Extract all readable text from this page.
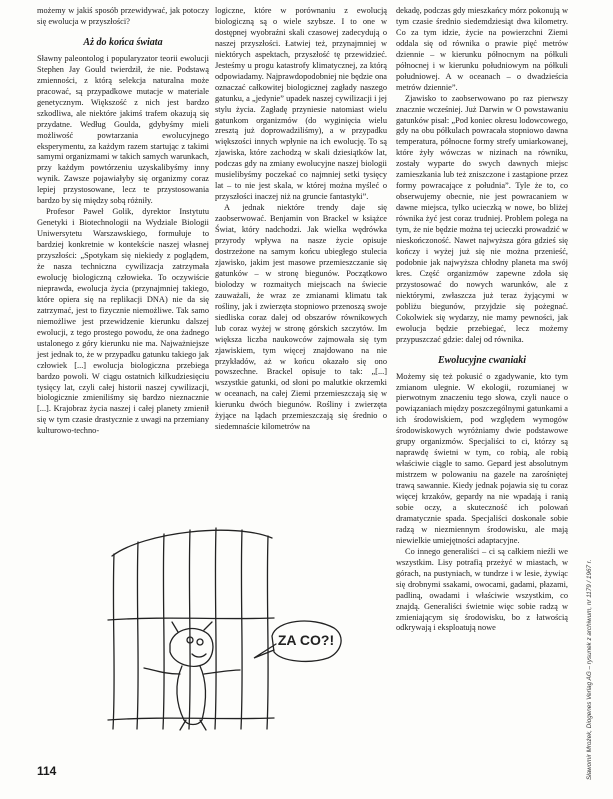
możemy w jakiś sposób przewidywać, jak potoczy się ewolucja w przyszłości?

Aż do końca świata

Sławny paleontolog i popularyzator teorii ewolucji Stephen Jay Gould twierdził, że nie. Podstawą zmienności, z którą selekcja naturalna może pracować, są przypadkowe mutacje w materiale genetycznym. Większość z nich jest bardzo szkodliwa, ale niektóre jakimś trafem okazują się przydatne. Według Goulda, gdybyśmy mieli możliwość powtarzania ewolucyjnego eksperymentu, za każdym razem startując z takimi samymi organizmami w takich samych warunkach, przy każdym powtórzeniu uzyskalibyśmy inny wynik. Zawsze pojawiałyby się organizmy coraz lepiej przystosowane, lecz te przystosowania bardzo by się między sobą różniły.

Profesor Paweł Golik, dyrektor Instytutu Genetyki i Biotechnologii na Wydziale Biologii Uniwersytetu Warszawskiego, formułuje to bardziej konkretnie w kontekście naszej własnej przyszłości: „Spotykam się niekiedy z poglądem, że nasza techniczna cywilizacja zatrzymała ewolucję biologiczną człowieka. To oczywiście nieprawda, ewolucja życia (przynajmniej takiego, które opiera się na replikacji DNA) nie da się zatrzymać, jest to fizycznie niemożliwe. Tak samo niemożliwe jest przewidzenie kierunku dalszej ewolucji, z tego prostego powodu, że ona żadnego ustalonego z góry kierunku nie ma. Najważniejsze jest jednak to, że w przypadku gatunku takiego jak człowiek [...] ewolucja biologiczna przebiega bardzo powoli. W ciągu ostatnich kilkudziesięciu tysięcy lat, czyli całej historii naszej cywilizacji, biologicznie zmieniliśmy się bardzo nieznacznie [...]. Krajobraz życia naszej i całej planety zmienił się w tym czasie drastycznie z uwagi na przemiany kulturowo-techno-

logiczne, które w porównaniu z ewolucją biologiczną są o wiele szybsze. I to one w dostępnej wyobraźni skali czasowej zadecydują o naszej przyszłości. Łatwiej też, przynajmniej w niektórych aspektach, przyszłość tę przewidzieć. Jesteśmy u progu katastrofy klimatycznej, za którą odpowiadamy. Najprawdopodobniej nie będzie ona oznaczać całkowitej biologicznej zagłady naszego gatunku, a „jedynie” upadek naszej cywilizacji i jej stylu życia. Zagładę przyniesie natomiast wielu gatunkom organizmów (do wyginięcia wielu zresztą już doprowadziliśmy), a w przypadku większości innych wpłynie na ich ewolucję. To są zjawiska, które zachodzą w skali dziesiątków lat, podczas gdy na zmiany ewolucyjne naszej biologii musielibyśmy poczekać co najmniej setki tysięcy lat – to nie jest skala, w której można myśleć o przyszłości inaczej niż na gruncie fantastyki”.

A jednak niektóre trendy daje się zaobserwować. Benjamin von Brackel w książce Świat, który nadchodzi. Jak wielka wędrówka przyrody wpływa na nasze życie opisuje dostrzeżone na samym końcu ubiegłego stulecia zjawisko, jakim jest masowe przemieszczanie się gatunków – w stronę biegunów. Początkowo biolodzy w rozmaitych miejscach na świecie zauważali, że wraz ze zmianami klimatu tak rośliny, jak i zwierzęta stopniowo przenoszą swoje siedliska coraz dalej od obszarów równikowych lub coraz wyżej w stronę górskich szczytów. Im większa liczba naukowców zajmowała się tym zjawiskiem, tym więcej znajdowano na nie przykładów, aż w końcu okazało się ono powszechne. Brackel opisuje to tak: „[...] wszystkie gatunki, od słoni po malutkie okrzemki w oceanach, na całej Ziemi przemieszczają się w kierunku dwóch biegunów. Rośliny i zwierzęta żyjące na lądach przemieszczają się średnio o siedemnaście kilometrów na

dekadę, podczas gdy mieszkańcy mórz pokonują w tym czasie średnio siedemdziesiąt dwa kilometry. Co za tym idzie, życie na powierzchni Ziemi oddala się od równika o prawie pięć metrów dziennie – w kierunku północnym na półkuli północnej i w kierunku południowym na półkuli południowej. A w oceanach – o dwadzieścia metrów dziennie”.

Zjawisko to zaobserwowano po raz pierwszy znacznie wcześniej. Już Darwin w O powstawaniu gatunków pisał: „Pod koniec okresu lodowcowego, gdy na obu półkulach powracała stopniowo dawna temperatura, północne formy strefy umiarkowanej, które żyły wówczas w nizinach na równiku, zostały wyparte do swych dawnych miejsc zamieszkania lub też zniszczone i zastąpione przez formy powracające z południa”. Tyle że to, co obserwujemy obecnie, nie jest powracaniem w dawne miejsca, tylko ucieczką w nowe, bo bliżej równika żyć jest coraz trudniej. Problem polega na tym, że nie będzie można tej ucieczki prowadzić w nieskończoność. Nawet najwyższa góra gdzieś się kończy i wyżej już się nie można przenieść, podobnie jak najwyższa chłodny planeta ma swój kres. Część organizmów zapewne zdoła się przystosować do nowych warunków, ale z niektórymi, zwłaszcza już teraz żyjącymi w pobliżu biegunów, przyjdzie się pożegnać. Cokolwiek się wydarzy, nie mamy pewności, jak ewolucja będzie przebiegać, lecz możemy przypuszczać gdzie: dalej od równika.

Ewolucyjne cwaniaki

Możemy się też pokusić o zgadywanie, kto tym zmianom ulegnie. W ekologii, rozumianej w pierwotnym znaczeniu tego słowa, czyli nauce o powiązaniach między poszczególnymi gatunkami a ich środowiskiem, pod względem wymogów środowiskowych wyróżniamy dwie podstawowe grupy organizmów. Specjaliści to ci, którzy są naprawdę świetni w tym, co robią, ale robią właściwie ciągle to samo. Gepard jest absolutnym mistrzem w polowaniu na gazele na zarośniętej trawą sawannie. Kiedy jednak pojawia się tu coraz więcej krzaków, gepardy na nie wpadają i ranią sobie oczy, a skuteczność ich polowań dramatycznie spada. Specjaliści doskonale sobie radzą w niezmiennym środowisku, ale mają niewielkie umiejętności adaptacyjne.

Co innego generaliści – ci są całkiem nieźli we wszystkim. Lisy potrafią przeżyć w miastach, w górach, na pustyniach, w tundrze i w lesie, żywiąc się drobnymi ssakami, owocami, gadami, płazami, padliną, owadami i właściwie wszystkim, co znajdą. Generaliści świetnie więc sobie radzą w zmieniającym się środowisku, bo z łatwością odkrywają i eksploatują nowe

ZA CO?!
114	Sławomir Mrożek, Diogenes Verlag AG – rysunek z archiwum, nr 1179 / 1967 r.
